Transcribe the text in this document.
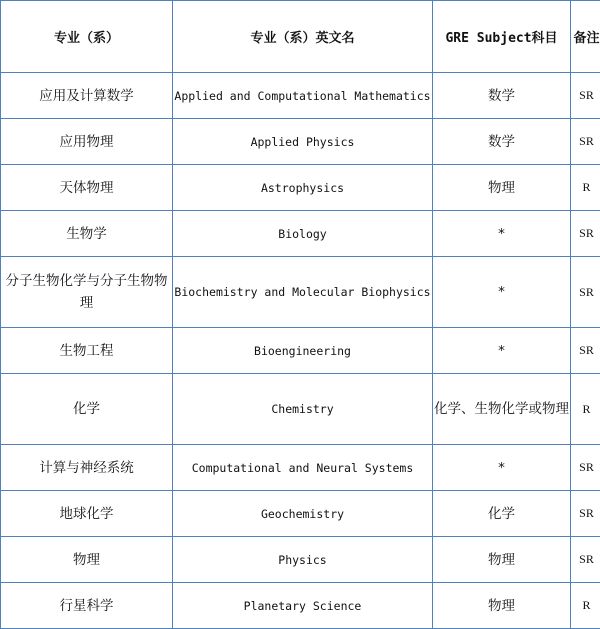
专业（系）	专业（系）英文名	GRE Subject科目	备注
应用及计算数学	Applied and Computational Mathematics	数学	SR
应用物理	Applied Physics	数学	SR
天体物理	Astrophysics	物理	R
生物学	Biology	*	SR
分子生物化学与分子生物物理	Biochemistry and Molecular Biophysics	*	SR
生物工程	Bioengineering	*	SR
化学	Chemistry	化学、生物化学或物理	R
计算与神经系统	Computational and Neural Systems	*	SR
地球化学	Geochemistry	化学	SR
物理	Physics	物理	SR
行星科学	Planetary Science	物理	R
